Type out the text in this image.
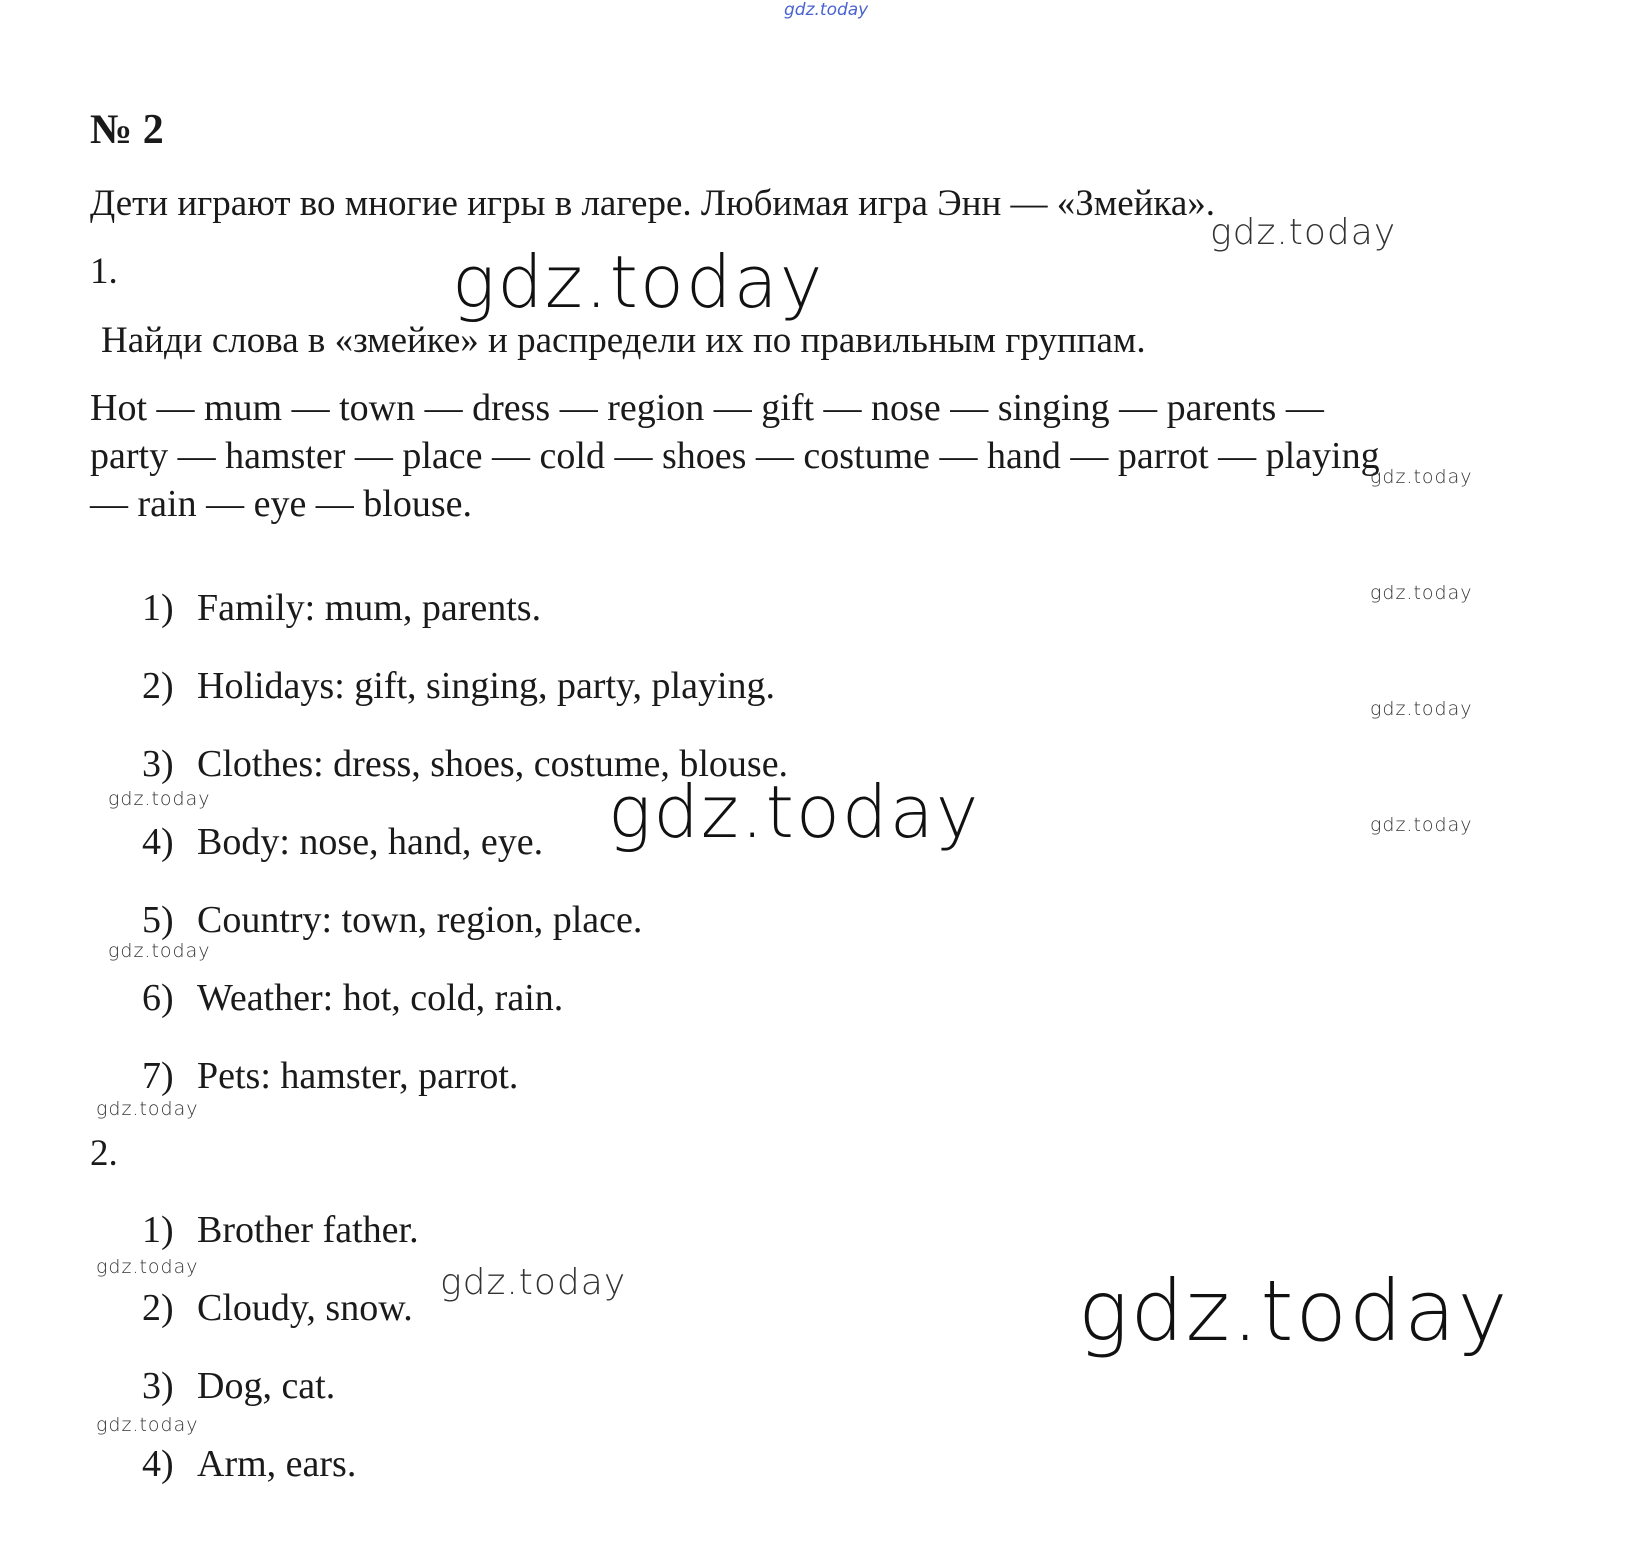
gdz.today
gdz.today
gdz.today
gdz.today
gdz.today
gdz.today
gdz.today	gdz.today	gdz.today
gdz.today
gdz.today
gdz.today	gdz.today	gdz.today
gdz.today
№ 2
Дети играют во многие игры в лагере. Любимая игра Энн — «Змейка».
1.
Найди слова в «змейке» и распредели их по правильным группам.
Hot — mum — town — dress — region — gift — nose — singing — parents —
party — hamster — place — cold — shoes — costume — hand — parrot — playing
— rain — eye — blouse.
1) Family: mum, parents.
2) Holidays: gift, singing, party, playing.
3) Clothes: dress, shoes, costume, blouse.
4) Body: nose, hand, eye.
5) Country: town, region, place.
6) Weather: hot, cold, rain.
7) Pets: hamster, parrot.
2.
1) Brother father.
2) Cloudy, snow.
3) Dog, cat.
4) Arm, ears.
